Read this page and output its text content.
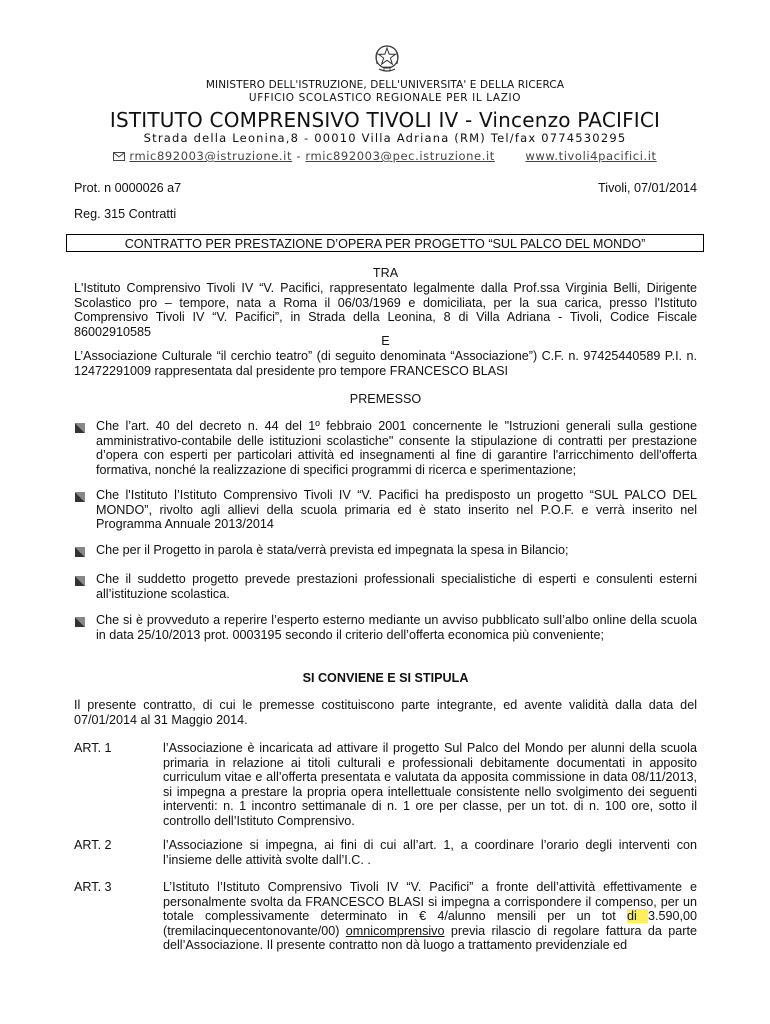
MINISTERO DELL'ISTRUZIONE, DELL'UNIVERSITA' E DELLA RICERCA
UFFICIO SCOLASTICO REGIONALE PER IL LAZIO
ISTITUTO COMPRENSIVO TIVOLI IV - Vincenzo PACIFICI
Strada della Leonina,8 - 00010 Villa Adriana (RM) Tel/fax 0774530295
rmic892003@istruzione.it - rmic892003@pec.istruzione.it	www.tivoli4pacifici.it
Prot. n 0000026 a7	Tivoli, 07/01/2014
Reg. 315 Contratti
CONTRATTO PER PRESTAZIONE D’OPERA PER PROGETTO “SUL PALCO DEL MONDO”
TRA
L'Istituto Comprensivo Tivoli IV “V. Pacifici, rappresentato legalmente dalla Prof.ssa Virginia Belli, Dirigente Scolastico pro – tempore, nata a Roma il 06/03/1969 e domiciliata, per la sua carica, presso l'Istituto Comprensivo Tivoli IV “V. Pacifici”, in Strada della Leonina, 8 di Villa Adriana - Tivoli, Codice Fiscale 86002910585
E
L’Associazione Culturale “il cerchio teatro” (di seguito denominata “Associazione”) C.F. n. 97425440589 P.I. n. 12472291009 rappresentata dal presidente pro tempore FRANCESCO BLASI
PREMESSO
Che l’art. 40 del decreto n. 44 del 1º febbraio 2001 concernente le "Istruzioni generali sulla gestione amministrativo-contabile delle istituzioni scolastiche" consente la stipulazione di contratti per prestazione d’opera con esperti per particolari attività ed insegnamenti al fine di garantire l'arricchimento dell'offerta formativa, nonché la realizzazione di specifici programmi di ricerca e sperimentazione;
Che l'Istituto l’Istituto Comprensivo Tivoli IV “V. Pacifici ha predisposto un progetto “SUL PALCO DEL MONDO”, rivolto agli allievi della scuola primaria ed è stato inserito nel P.O.F. e verrà inserito nel Programma Annuale 2013/2014
Che per il Progetto in parola è stata/verrà prevista ed impegnata la spesa in Bilancio;
Che il suddetto progetto prevede prestazioni professionali specialistiche di esperti e consulenti esterni all’istituzione scolastica.
Che si è provveduto a reperire l’esperto esterno mediante un avviso pubblicato sull’albo online della scuola in data 25/10/2013 prot. 0003195 secondo il criterio dell’offerta economica più conveniente;
SI CONVIENE E SI STIPULA
Il presente contratto, di cui le premesse costituiscono parte integrante, ed avente validità dalla data del 07/01/2014 al 31 Maggio 2014.
ART. 1	l’Associazione è incaricata ad attivare il progetto Sul Palco del Mondo per alunni della scuola primaria in relazione ai titoli culturali e professionali debitamente documentati in apposito curriculum vitae e all’offerta presentata e valutata da apposita commissione in data 08/11/2013, si impegna a prestare la propria opera intellettuale consistente nello svolgimento dei seguenti interventi: n. 1 incontro settimanale di n. 1 ore per classe, per un tot. di n. 100 ore, sotto il controllo dell’Istituto Comprensivo.
ART. 2	l’Associazione si impegna, ai fini di cui all’art. 1, a coordinare l’orario degli interventi con l’insieme delle attività svolte dall’I.C. .
ART. 3	L’Istituto l’Istituto Comprensivo Tivoli IV “V. Pacifici” a fronte dell’attività effettivamente e personalmente svolta da FRANCESCO BLASI si impegna a corrispondere il compenso, per un totale complessivamente determinato in € 4/alunno mensili per un tot di 3.590,00 (tremilacinquecentonovante/00) omnicomprensivo previa rilascio di regolare fattura da parte dell’Associazione. Il presente contratto non dà luogo a trattamento previdenziale ed
